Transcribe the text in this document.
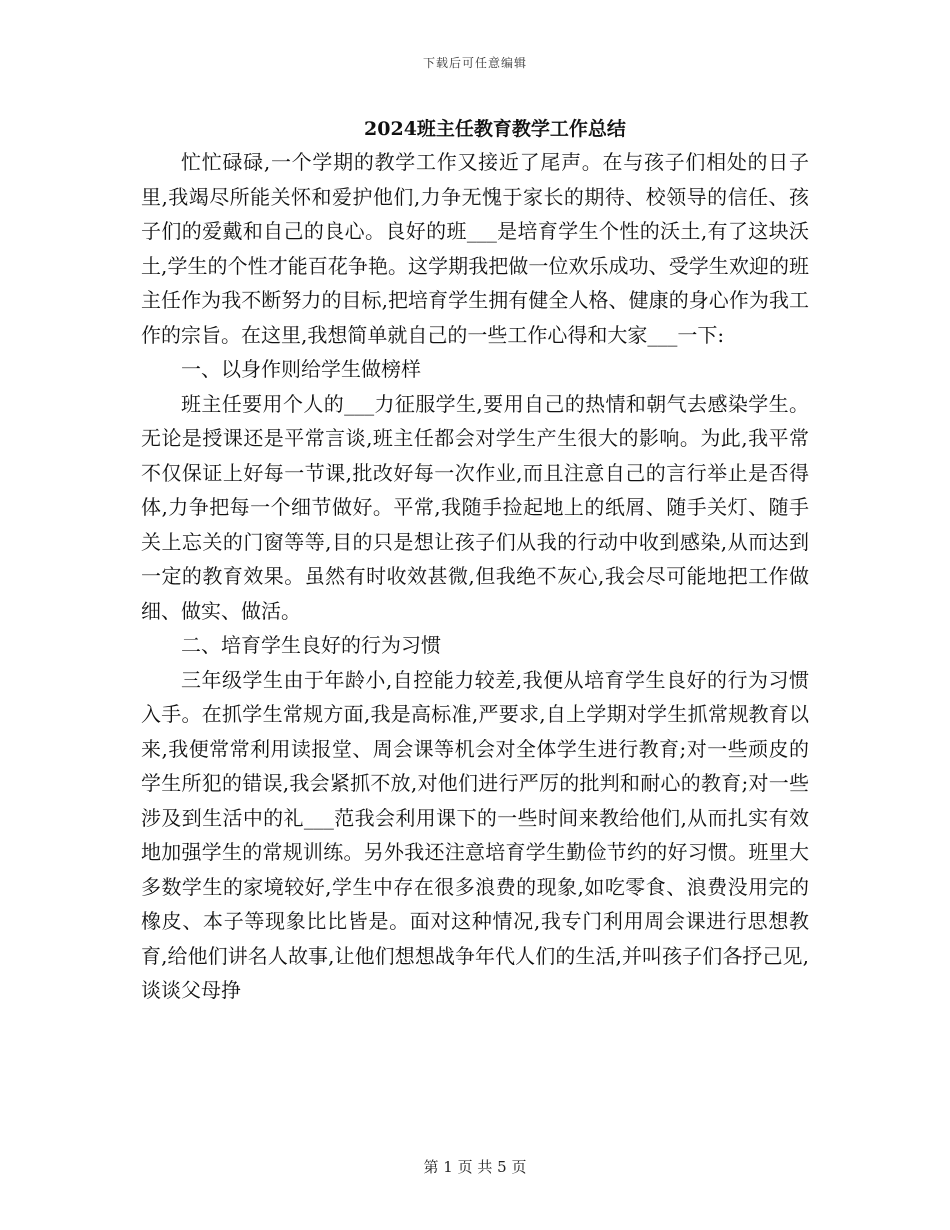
下载后可任意编辑
2024班主任教育教学工作总结

忙忙碌碌,一个学期的教学工作又接近了尾声。在与孩子们相处的日子里,我竭尽所能关怀和爱护他们,力争无愧于家长的期待、校领导的信任、孩子们的爱戴和自己的良心。良好的班___是培育学生个性的沃土,有了这块沃土,学生的个性才能百花争艳。这学期我把做一位欢乐成功、受学生欢迎的班主任作为我不断努力的目标,把培育学生拥有健全人格、健康的身心作为我工作的宗旨。在这里,我想简单就自己的一些工作心得和大家___一下:

一、以身作则给学生做榜样

班主任要用个人的___力征服学生,要用自己的热情和朝气去感染学生。无论是授课还是平常言谈,班主任都会对学生产生很大的影响。为此,我平常不仅保证上好每一节课,批改好每一次作业,而且注意自己的言行举止是否得体,力争把每一个细节做好。平常,我随手捡起地上的纸屑、随手关灯、随手关上忘关的门窗等等,目的只是想让孩子们从我的行动中收到感染,从而达到一定的教育效果。虽然有时收效甚微,但我绝不灰心,我会尽可能地把工作做细、做实、做活。

二、培育学生良好的行为习惯

三年级学生由于年龄小,自控能力较差,我便从培育学生良好的行为习惯入手。在抓学生常规方面,我是高标准,严要求,自上学期对学生抓常规教育以来,我便常常利用读报堂、周会课等机会对全体学生进行教育;对一些顽皮的学生所犯的错误,我会紧抓不放,对他们进行严厉的批判和耐心的教育;对一些涉及到生活中的礼___范我会利用课下的一些时间来教给他们,从而扎实有效地加强学生的常规训练。另外我还注意培育学生勤俭节约的好习惯。班里大多数学生的家境较好,学生中存在很多浪费的现象,如吃零食、浪费没用完的橡皮、本子等现象比比皆是。面对这种情况,我专门利用周会课进行思想教育,给他们讲名人故事,让他们想想战争年代人们的生活,并叫孩子们各抒己见,谈谈父母挣

第 1 页 共 5 页
